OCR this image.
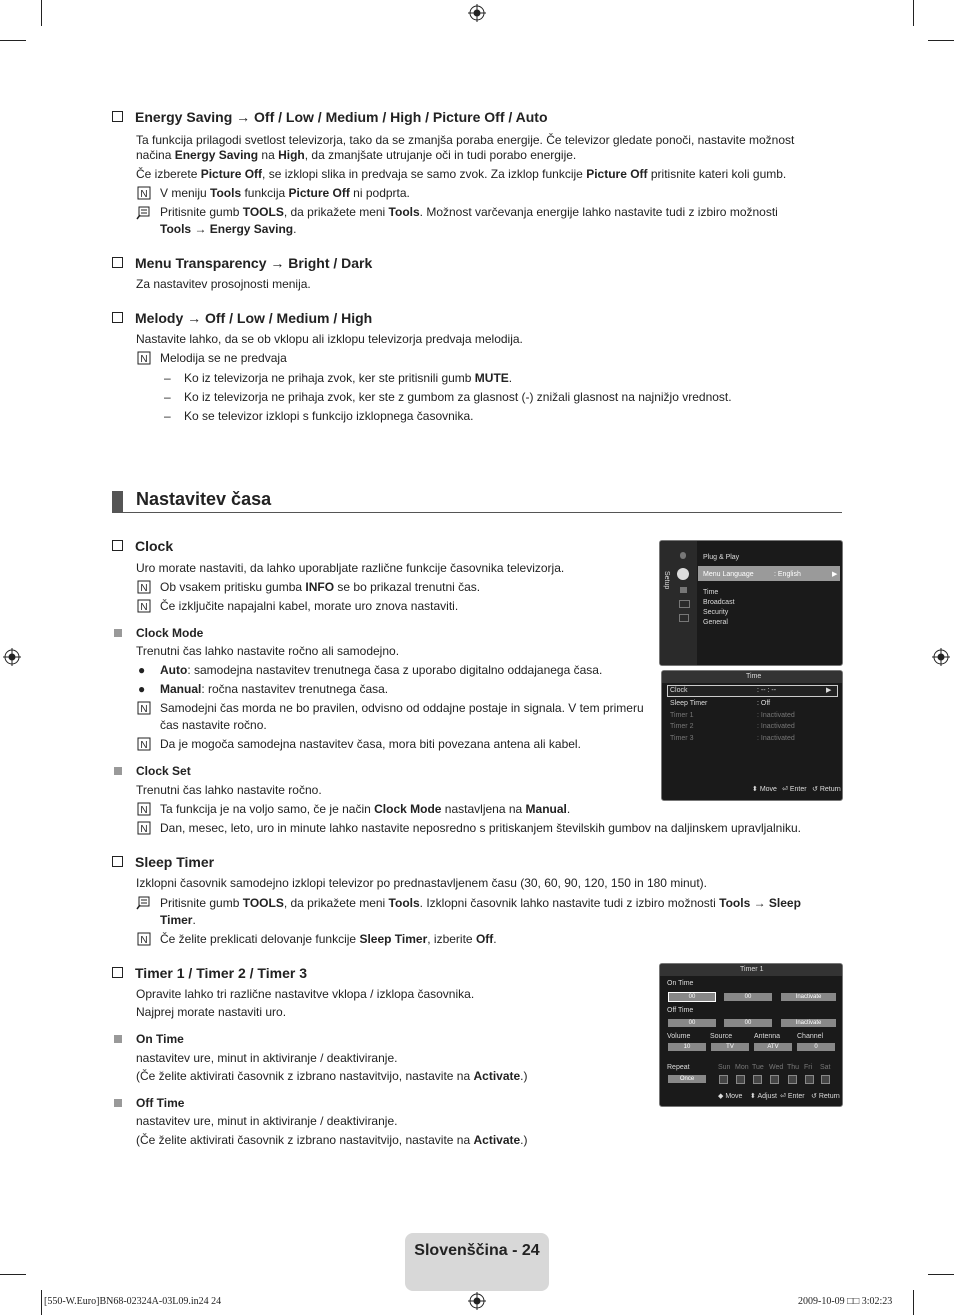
Energy Saving → Off / Low / Medium / High / Picture Off / Auto
Ta funkcija prilagodi svetlost televizorja, tako da se zmanjša poraba energije. Če televizor gledate ponoči, nastavite možnost
načina Energy Saving na High, da zmanjšate utrujanje oči in tudi porabo energije.
Če izberete Picture Off, se izklopi slika in predvaja se samo zvok. Za izklop funkcije Picture Off pritisnite kateri koli gumb.
N V meniju Tools funkcija Picture Off ni podprta.
Pritisnite gumb TOOLS, da prikažete meni Tools. Možnost varčevanja energije lahko nastavite tudi z izbiro možnosti
Tools → Energy Saving.
Menu Transparency → Bright / Dark
Za nastavitev prosojnosti menija.
Melody → Off / Low / Medium / High
Nastavite lahko, da se ob vklopu ali izklopu televizorja predvaja melodija.
N Melodija se ne predvaja
– Ko iz televizorja ne prihaja zvok, ker ste pritisnili gumb MUTE.
– Ko iz televizorja ne prihaja zvok, ker ste z gumbom za glasnost (-) znižali glasnost na najnižjo vrednost.
– Ko se televizor izklopi s funkcijo izklopnega časovnika.
Nastavitev časa
Clock
Uro morate nastaviti, da lahko uporabljate različne funkcije časovnika televizorja.
N Ob vsakem pritisku gumba INFO se bo prikazal trenutni čas.
N Če izključite napajalni kabel, morate uro znova nastaviti.
Clock Mode
Trenutni čas lahko nastavite ročno ali samodejno.
● Auto: samodejna nastavitev trenutnega časa z uporabo digitalno oddajanega časa.
● Manual: ročna nastavitev trenutnega časa.
N Samodejni čas morda ne bo pravilen, odvisno od oddajne postaje in signala. V tem primeru
čas nastavite ročno.
N Da je mogoča samodejna nastavitev časa, mora biti povezana antena ali kabel.
Clock Set
Trenutni čas lahko nastavite ročno.
N Ta funkcija je na voljo samo, če je način Clock Mode nastavljena na Manual.
N Dan, mesec, leto, uro in minute lahko nastavite neposredno s pritiskanjem številskih gumbov na daljinskem upravljalniku.
Sleep Timer
Izklopni časovnik samodejno izklopi televizor po prednastavljenem času (30, 60, 90, 120, 150 in 180 minut).
Pritisnite gumb TOOLS, da prikažete meni Tools. Izklopni časovnik lahko nastavite tudi z izbiro možnosti Tools → Sleep
Timer.
N Če želite preklicati delovanje funkcije Sleep Timer, izberite Off.
Timer 1 / Timer 2 / Timer 3
Opravite lahko tri različne nastavitve vklopa / izklopa časovnika.
Najprej morate nastaviti uro.
On Time
nastavitev ure, minut in aktiviranje / deaktiviranje.
(Če želite aktivirati časovnik z izbrano nastavitvijo, nastavite na Activate.)
Off Time
nastavitev ure, minut in aktiviranje / deaktiviranje.
(Če želite aktivirati časovnik z izbrano nastavitvijo, nastavite na Activate.)
Setup
Plug & Play
Menu Language	: English	▶
Time
Broadcast
Security
General
Time
Clock	: -- : --	▶
Sleep Timer	: Off
Timer 1	: Inactivated
Timer 2	: Inactivated
Timer 3	: Inactivated
⬍ Move ⏎ Enter ↺ Return
Timer 1
On Time
00	00	Inactivate
Off Time
00	00	Inactivate
Volume	Source	Antenna Channel
10	TV	ATV	0
Repeat
Once
Sun Mon Tue Wed Thu Fri Sat
◆ Move ⬍ Adjust ⏎ Enter ↺ Return
Slovenščina - 24
[550-W.Euro]BN68-02324A-03L09.in24 24	2009-10-09 □□ 3:02:23
